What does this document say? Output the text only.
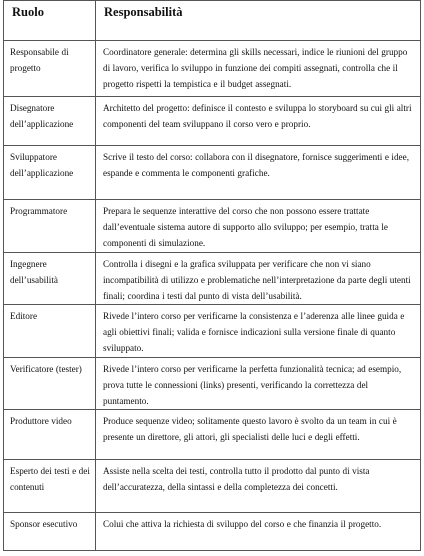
Ruolo	Responsabilità

Responsabile di progetto	Coordinatore generale: determina gli skills necessari, indice le riunioni del gruppo di lavoro, verifica lo sviluppo in funzione dei compiti assegnati, controlla che il progetto rispetti la tempistica e il budget assegnati.

Disegnatore dell’applicazione	Architetto del progetto: definisce il contesto e sviluppa lo storyboard su cui gli altri componenti del team sviluppano il corso vero e proprio.

Sviluppatore dell’applicazione	Scrive il testo del corso: collabora con il disegnatore, fornisce suggerimenti e idee, espande e commenta le componenti grafiche.

Programmatore	Prepara le sequenze interattive del corso che non possono essere trattate dall’eventuale sistema autore di supporto allo sviluppo; per esempio, tratta le componenti di simulazione.

Ingegnere dell’usabilità	Controlla i disegni e la grafica sviluppata per verificare che non vi siano incompatibilità di utilizzo e problematiche nell’interpretazione da parte degli utenti finali; coordina i testi dal punto di vista dell’usabilità.

Editore	Rivede l’intero corso per verificarne la consistenza e l’aderenza alle linee guida e agli obiettivi finali; valida e fornisce indicazioni sulla versione finale di quanto sviluppato.

Verificatore (tester)	Rivede l’intero corso per verificarne la perfetta funzionalità tecnica; ad esempio, prova tutte le connessioni (links) presenti, verificando la correttezza del puntamento.

Produttore video	Produce sequenze video; solitamente questo lavoro è svolto da un team in cui è presente un direttore, gli attori, gli specialisti delle luci e degli effetti.

Esperto dei testi e dei contenuti	Assiste nella scelta dei testi, controlla tutto il prodotto dal punto di vista dell’accuratezza, della sintassi e della completezza dei concetti.

Sponsor esecutivo	Colui che attiva la richiesta di sviluppo del corso e che finanzia il progetto.
